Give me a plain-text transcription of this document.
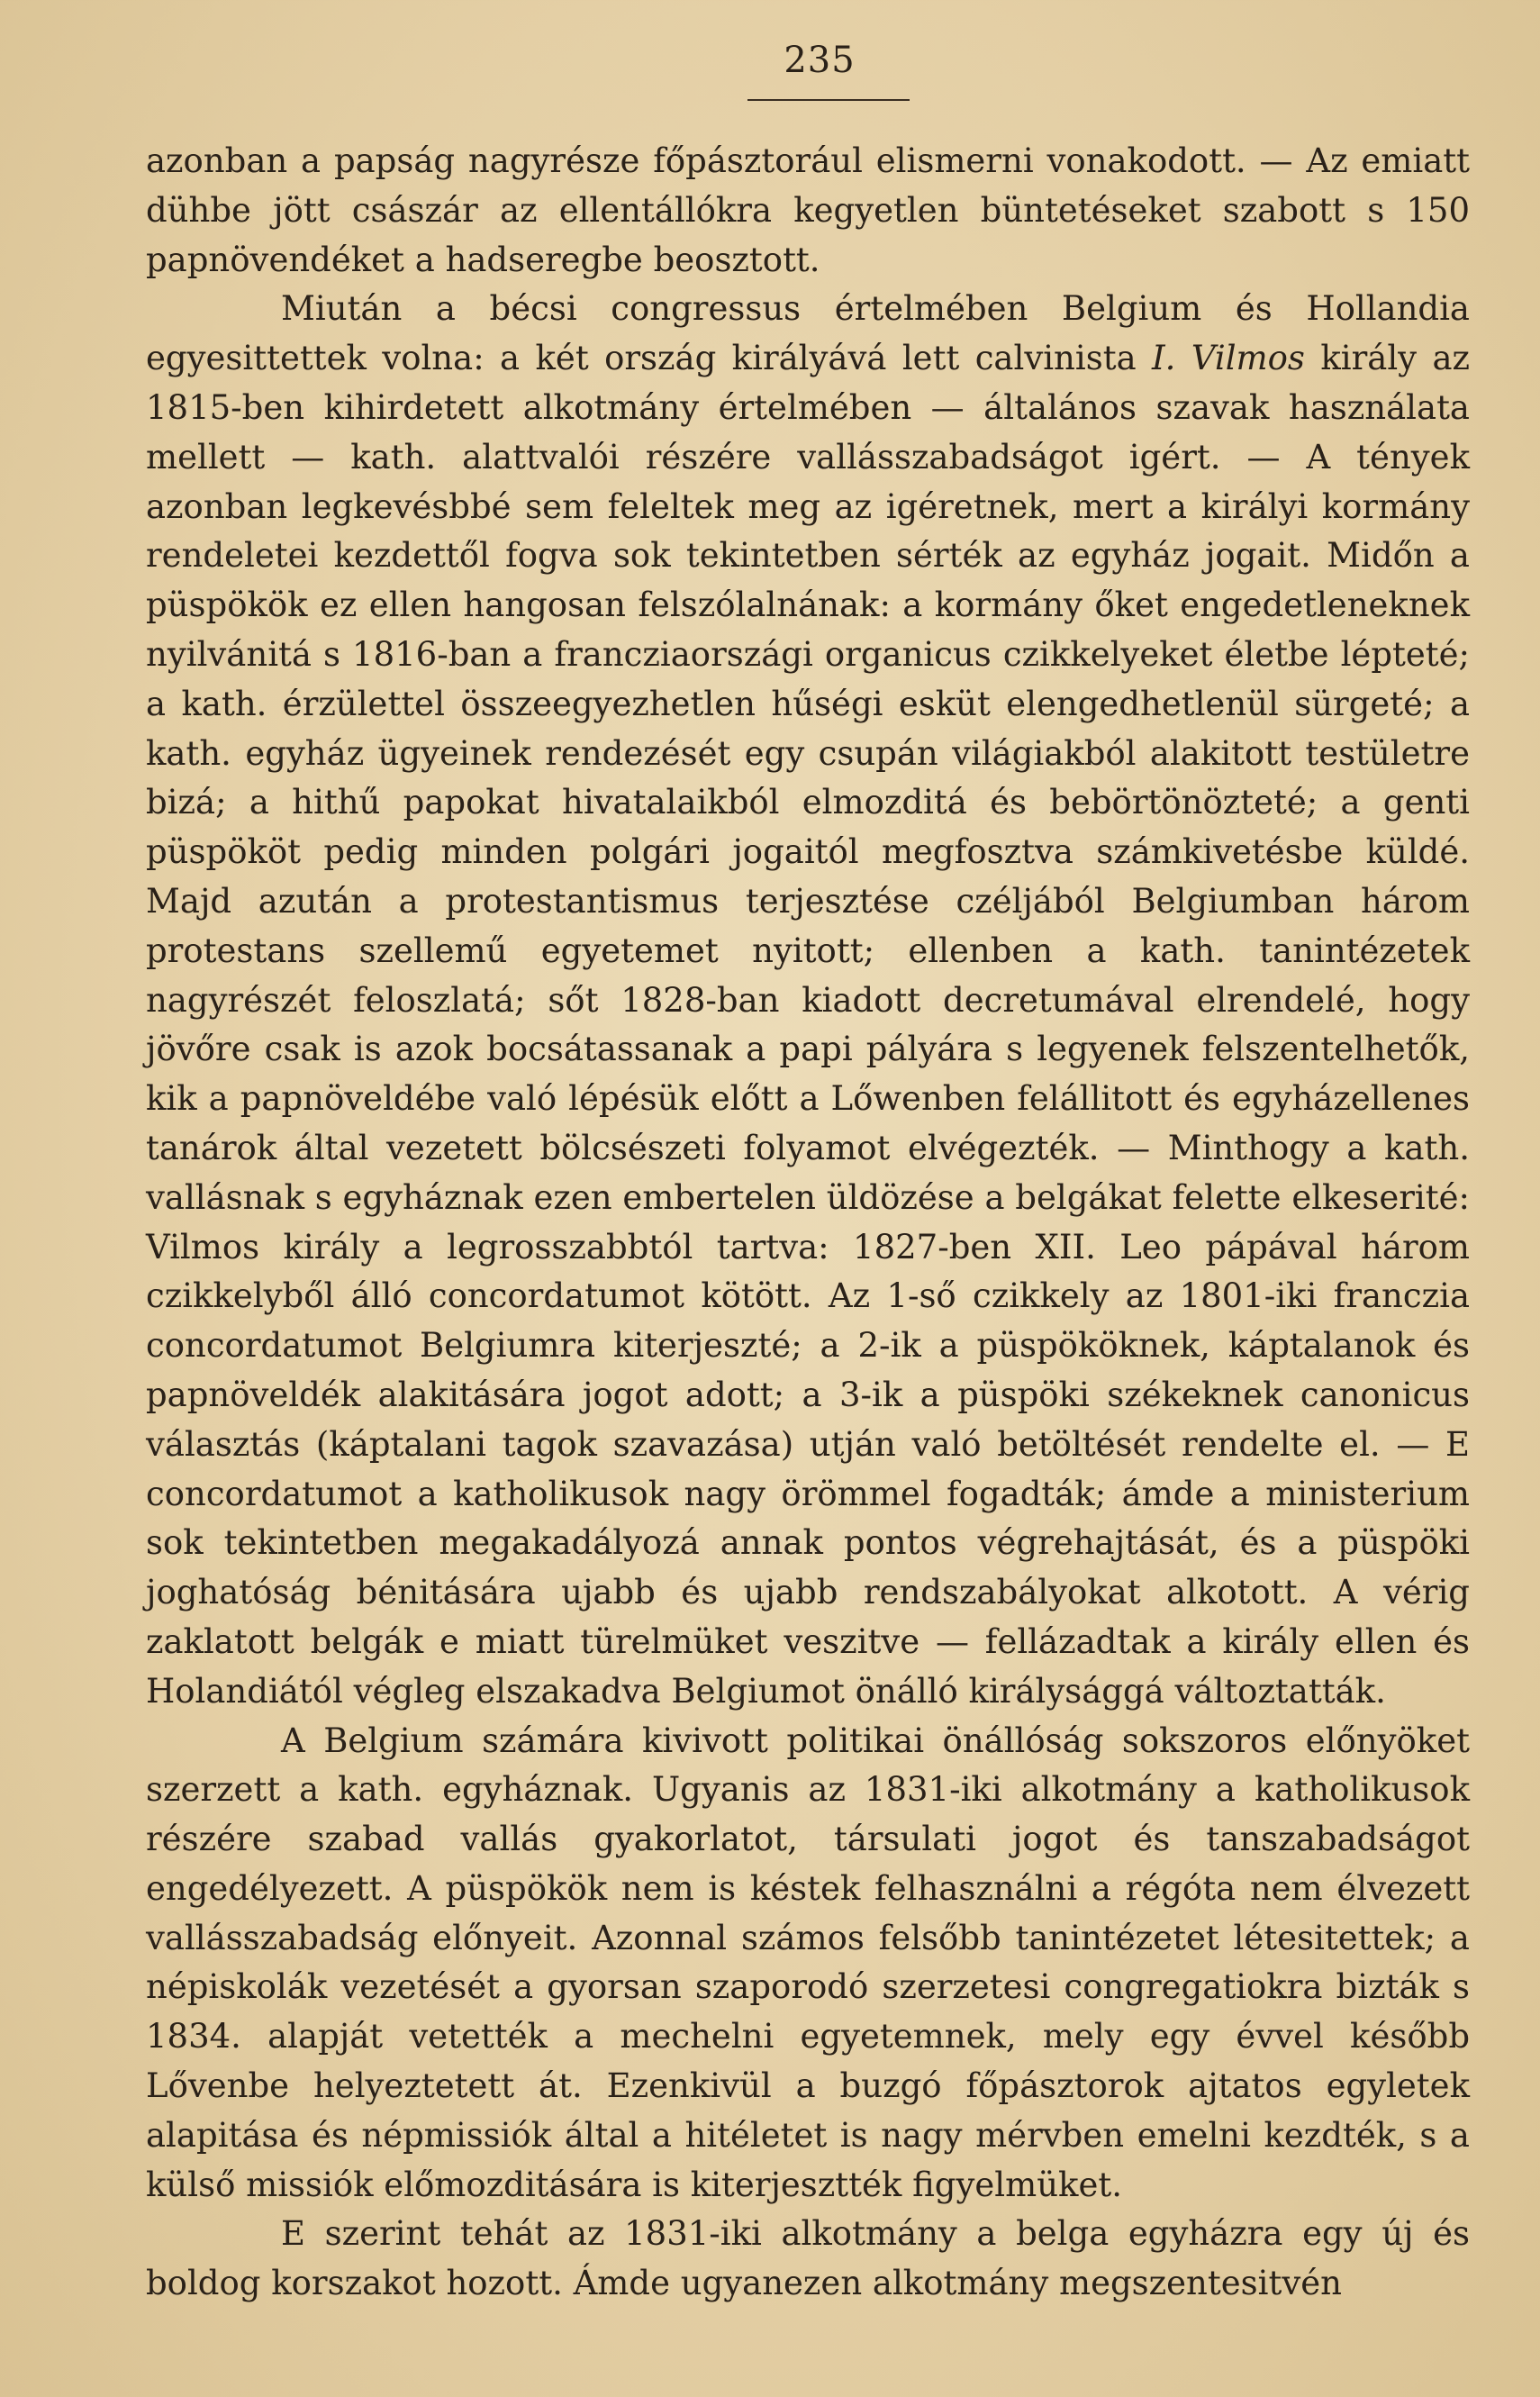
235

azonban a papság nagyrésze főpásztorául elismerni vonakodott. — Az emiatt dühbe jött császár az ellentállókra kegyetlen büntetéseket szabott s 150 papnövendéket a hadseregbe beosztott.

Miután a bécsi congressus értelmében Belgium és Hollandia egyesittettek volna: a két ország királyává lett calvinista I. Vilmos király az 1815-ben kihirdetett alkotmány értelmében — általános szavak használata mellett — kath. alattvalói részére vallásszabadságot igért. — A tények azonban legkevésbbé sem feleltek meg az igéretnek, mert a királyi kormány rendeletei kezdettől fogva sok tekintetben sérték az egyház jogait. Midőn a püspökök ez ellen hangosan felszólalnának: a kormány őket engedetleneknek nyilvánitá s 1816-ban a francziaországi organicus czikkelyeket életbe lépteté; a kath. érzülettel összeegyezhetlen hűségi esküt elengedhetlenül sürgeté; a kath. egyház ügyeinek rendezését egy csupán világiakból alakitott testületre bizá; a hithű papokat hivatalaikból elmozditá és bebörtönözteté; a genti püspököt pedig minden polgári jogaitól megfosztva számkivetésbe küldé. Majd azután a protestantismus terjesztése czéljából Belgiumban három protestans szellemű egyetemet nyitott; ellenben a kath. tanintézetek nagyrészét feloszlatá; sőt 1828-ban kiadott decretumával elrendelé, hogy jövőre csak is azok bocsátassanak a papi pályára s legyenek felszentelhetők, kik a papnöveldébe való lépésük előtt a Lőwenben felállitott és egyházellenes tanárok által vezetett bölcsészeti folyamot elvégezték. — Minthogy a kath. vallásnak s egyháznak ezen embertelen üldözése a belgákat felette elkeserité: Vilmos király a legrosszabbtól tartva: 1827-ben XII. Leo pápával három czikkelyből álló concordatumot kötött. Az 1-ső czikkely az 1801-iki franczia concordatumot Belgiumra kiterjeszté; a 2-ik a püspököknek, káptalanok és papnöveldék alakitására jogot adott; a 3-ik a püspöki székeknek canonicus választás (káptalani tagok szavazása) utján való betöltését rendelte el. — E concordatumot a katholikusok nagy örömmel fogadták; ámde a ministerium sok tekintetben megakadályozá annak pontos végrehajtását, és a püspöki joghatóság bénitására ujabb és ujabb rendszabályokat alkotott. A vérig zaklatott belgák e miatt türelmüket veszitve — fellázadtak a király ellen és Holandiától végleg elszakadva Belgiumot önálló királysággá változtatták.

A Belgium számára kivivott politikai önállóság sokszoros előnyöket szerzett a kath. egyháznak. Ugyanis az 1831-iki alkotmány a katholikusok részére szabad vallás gyakorlatot, társulati jogot és tanszabadságot engedélyezett. A püspökök nem is késtek felhasználni a régóta nem élvezett vallásszabadság előnyeit. Azonnal számos felsőbb tanintézetet létesitettek; a népiskolák vezetését a gyorsan szaporodó szerzetesi congregatiokra bizták s 1834. alapját vetették a mechelni egyetemnek, mely egy évvel később Lővenbe helyeztetett át. Ezenkivül a buzgó főpásztorok ajtatos egyletek alapitása és népmissiók által a hitéletet is nagy mérvben emelni kezdték, s a külső missiók előmozditására is kiterjesztték figyelmüket.

E szerint tehát az 1831-iki alkotmány a belga egyházra egy új és boldog korszakot hozott. Ámde ugyanezen alkotmány megszentesitvén
